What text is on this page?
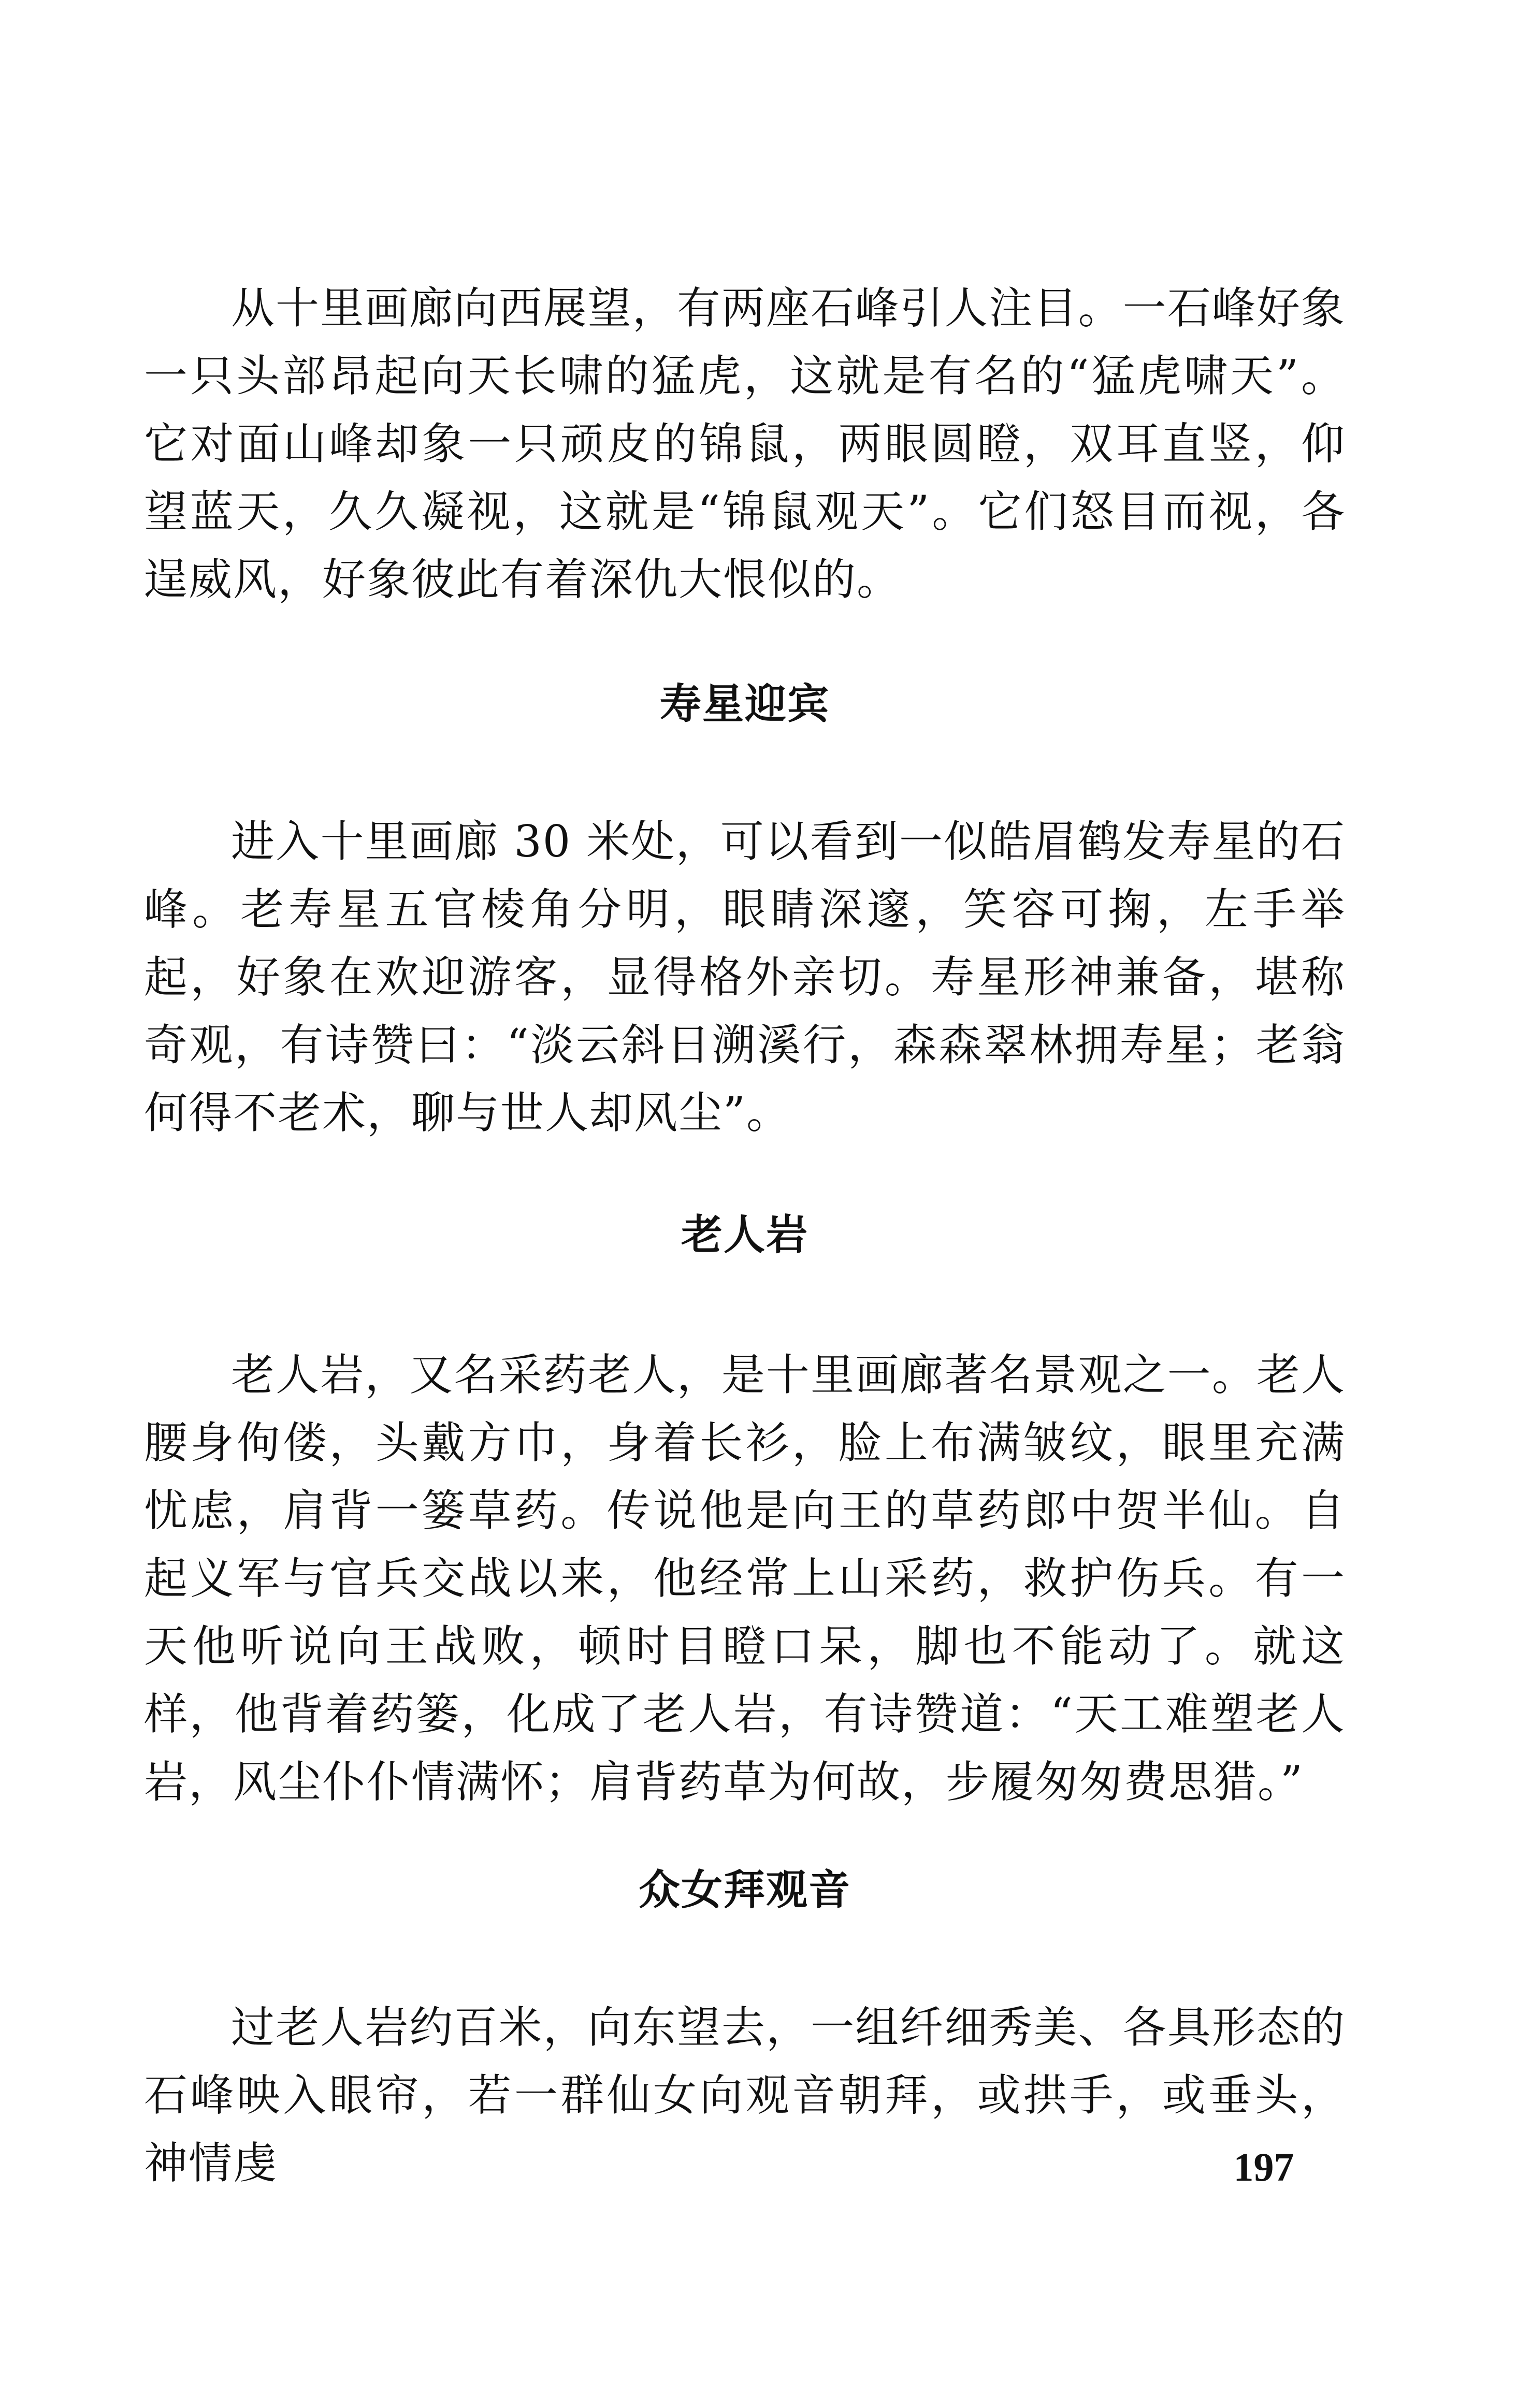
从十里画廊向西展望，有两座石峰引人注目。一石峰好象一只头部昂起向天长啸的猛虎，这就是有名的“猛虎啸天”。它对面山峰却象一只顽皮的锦鼠，两眼圆瞪，双耳直竖，仰望蓝天，久久凝视，这就是“锦鼠观天”。它们怒目而视，各逞威风，好象彼此有着深仇大恨似的。

寿星迎宾

进入十里画廊 30 米处，可以看到一似皓眉鹤发寿星的石峰。老寿星五官棱角分明，眼睛深邃，笑容可掬，左手举起，好象在欢迎游客，显得格外亲切。寿星形神兼备，堪称奇观，有诗赞曰：“淡云斜日溯溪行，森森翠林拥寿星；老翁何得不老术，聊与世人却风尘”。

老人岩

老人岩，又名采药老人，是十里画廊著名景观之一。老人腰身佝偻，头戴方巾，身着长衫，脸上布满皱纹，眼里充满忧虑，肩背一篓草药。传说他是向王的草药郎中贺半仙。自起义军与官兵交战以来，他经常上山采药，救护伤兵。有一天他听说向王战败，顿时目瞪口呆，脚也不能动了。就这样，他背着药篓，化成了老人岩，有诗赞道：“天工难塑老人岩，风尘仆仆情满怀；肩背药草为何故，步履匆匆费思猎。”

众女拜观音

过老人岩约百米，向东望去，一组纤细秀美、各具形态的石峰映入眼帘，若一群仙女向观音朝拜，或拱手，或垂头，神情虔	197
